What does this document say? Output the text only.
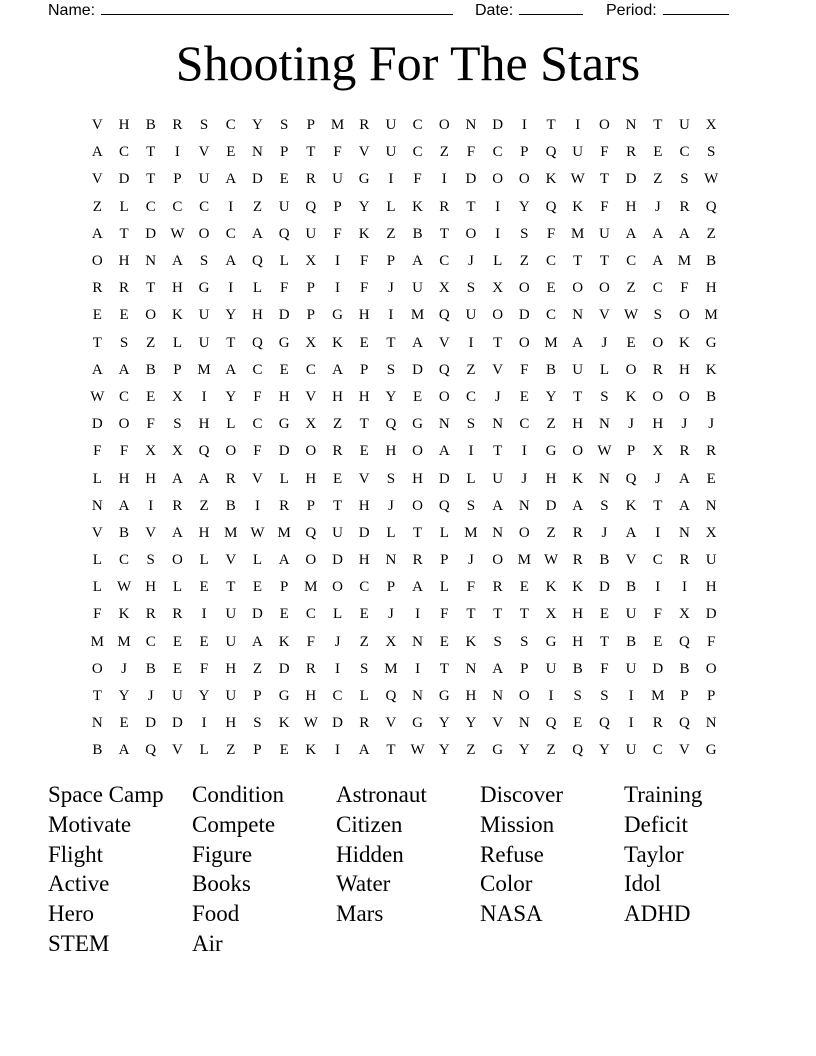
Name:	Date:	Period:
Shooting For The Stars
V	H	B	R	S	C	Y	S	P	M	R	U	C	O	N	D	I	T	I	O	N	T	U	X
A	C	T	I	V	E	N	P	T	F	V	U	C	Z	F	C	P	Q	U	F	R	E	C	S
V	D	T	P	U	A	D	E	R	U	G	I	F	I	D	O	O	K W	T	D	Z	S	W
Z	L	C	C	C	I	Z	U	Q	P	Y	L	K	R	T	I	Y	Q	K	F	H	J	R	Q
A	T	D W O	C	A	Q	U	F	K	Z	B	T	O	I	S	F	M U	A	A	A	Z
O	H	N	A	S	A	Q	L	X	I	F	P	A	C	J	L	Z	C	T	T	C	A M	B
R	R	T	H	G	I	L	F	P	I	F	J	U	X	S	X	O	E	O	O	Z	C	F	H
E	E	O	K	U	Y	H	D	P	G	H	I	M Q	U	O	D	C	N	V W	S	O M
T	S	Z	L	U	T	Q	G	X	K	E	T	A	V	I	T	O M A	J	E	O	K	G
A	A	B	P	M A	C	E	C	A	P	S	D	Q	Z	V	F	B	U	L	O	R	H	K
W C	E	X	I	Y	F	H	V	H	H	Y	E	O	C	J	E	Y	T	S	K	O	O	B
D	O	F	S	H	L	C	G	X	Z	T	Q	G	N	S	N	C	Z	H	N	J	H	J	J
F	F	X	X	Q	O	F	D	O	R	E	H	O	A	I	T	I	G	O W	P	X	R	R
L	H	H	A	A	R	V	L	H	E	V	S	H	D	L	U	J	H	K	N	Q	J	A	E
N	A	I	R	Z	B	I	R	P	T	H	J	O	Q	S	A	N	D	A	S	K	T	A	N
V	B	V	A	H M W M Q	U	D	L	T	L	M N	O	Z	R	J	A	I	N	X
L	C	S	O	L	V	L	A	O	D	H	N	R	P	J	O M W R	B	V	C	R	U
L	W H	L	E	T	E	P	M O	C	P	A	L	F	R	E	K	K	D	B	I	I	H
F	K	R	R	I	U	D	E	C	L	E	J	I	F	T	T	T	X	H	E	U	F	X	D
M M	C	E	E	U	A	K	F	J	Z	X	N	E	K	S	S	G	H	T	B	E	Q	F
O	J	B	E	F	H	Z	D	R	I	S	M	I	T	N	A	P	U	B	F	U	D	B	O
T	Y	J	U	Y	U	P	G	H	C	L	Q	N	G	H	N	O	I	S	S	I	M	P	P
N	E	D	D	I	H	S	K W D	R	V	G	Y	Y	V	N	Q	E	Q	I	R	Q	N
B	A	Q	V	L	Z	P	E	K	I	A	T	W Y	Z	G	Y	Z	Q	Y	U	C	V	G
Space Camp	Condition	Astronaut	Discover	Training
Motivate	Compete	Citizen	Mission	Deficit
Flight	Figure	Hidden	Refuse	Taylor
Active	Books	Water	Color	Idol
Hero	Food	Mars	NASA	ADHD
STEM	Air
